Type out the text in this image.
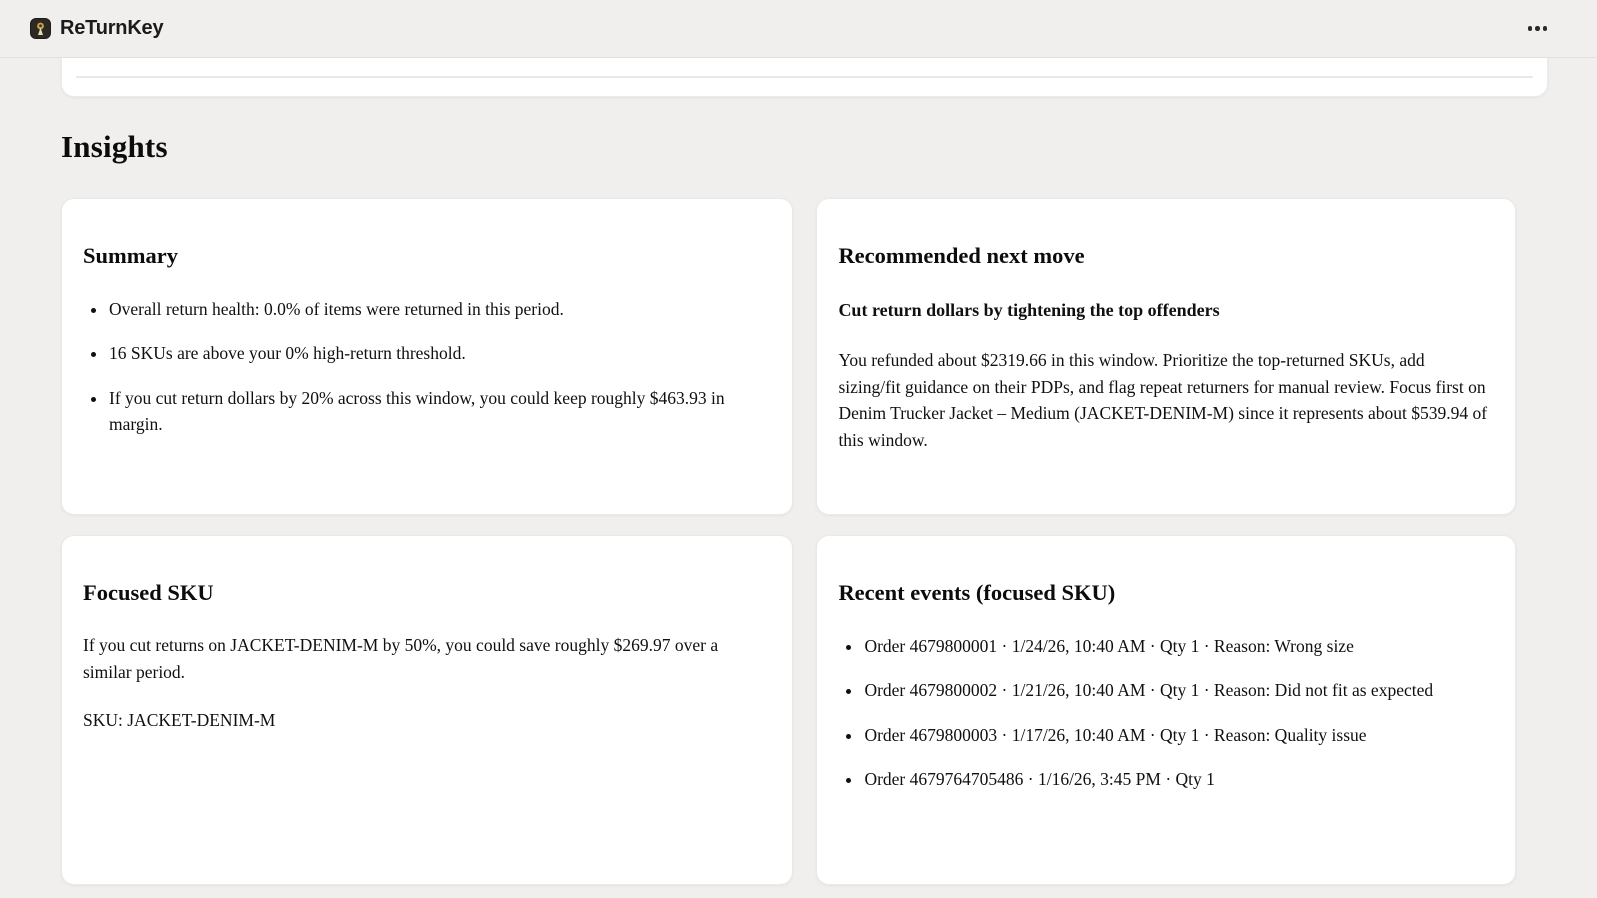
ReTurnKey
Insights
Summary
• Overall return health: 0.0% of items were returned in this period.
• 16 SKUs are above your 0% high-return threshold.
• If you cut return dollars by 20% across this window, you could keep roughly $463.93 in margin.
Recommended next move

Cut return dollars by tightening the top offenders

You refunded about $2319.66 in this window. Prioritize the top-returned SKUs, add sizing/fit guidance on their PDPs, and flag repeat returners for manual review. Focus first on Denim Trucker Jacket – Medium (JACKET-DENIM-M) since it represents about $539.94 of this window.

Focused SKU

If you cut returns on JACKET-DENIM-M by 50%, you could save roughly $269.97 over a similar period.

SKU: JACKET-DENIM-M

Recent events (focused SKU)
• Order 4679800001 · 1/24/26, 10:40 AM · Qty 1 · Reason: Wrong size
• Order 4679800002 · 1/21/26, 10:40 AM · Qty 1 · Reason: Did not fit as expected
• Order 4679800003 · 1/17/26, 10:40 AM · Qty 1 · Reason: Quality issue
• Order 4679764705486 · 1/16/26, 3:45 PM · Qty 1
